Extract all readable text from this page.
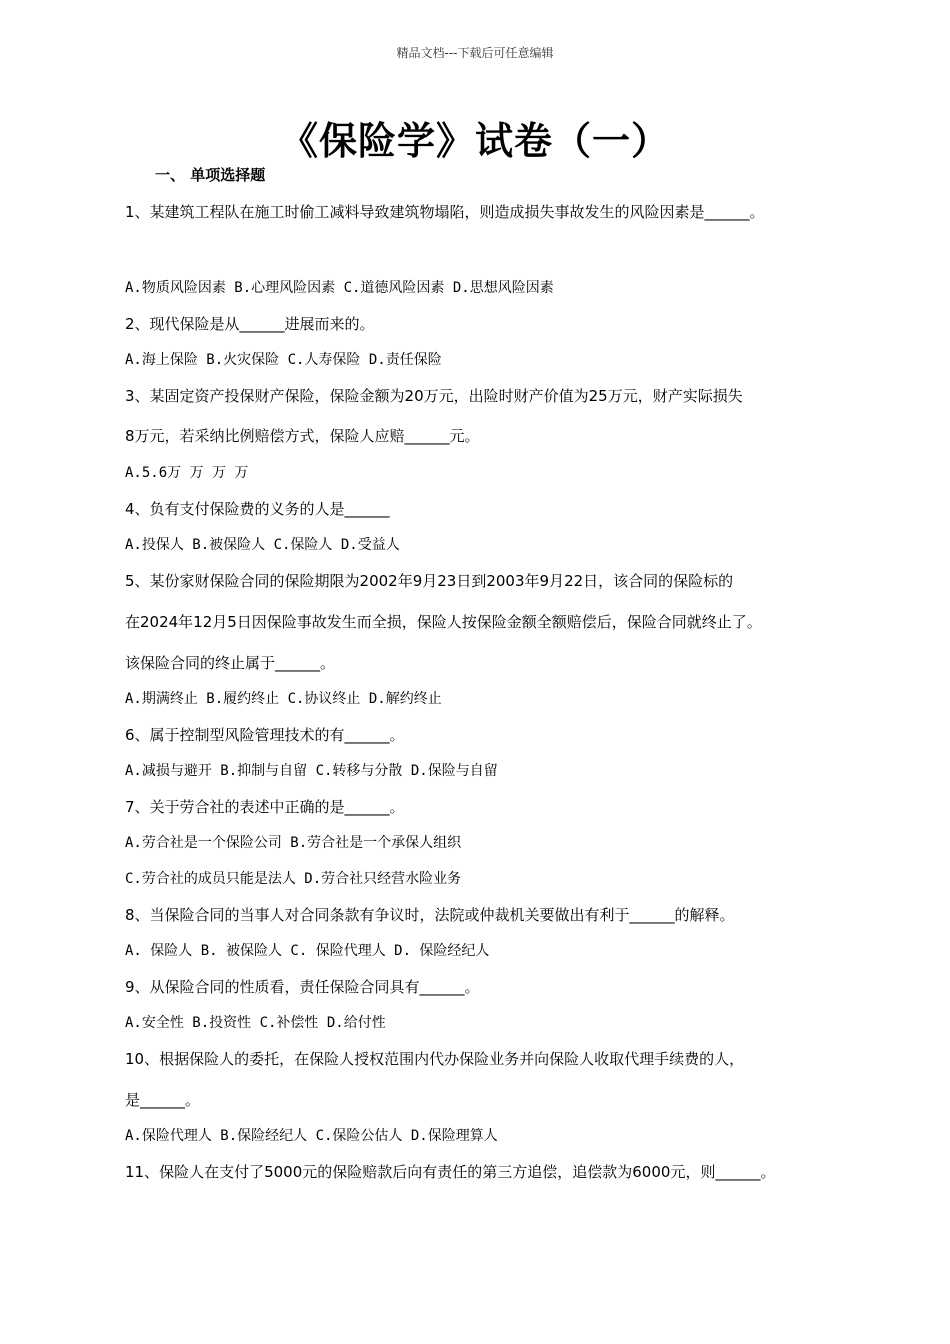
精品文档---下载后可任意编辑
《保险学》试卷（一）
一、 单项选择题
1、某建筑工程队在施工时偷工减料导致建筑物塌陷，则造成损失事故发生的风险因素是______。
A.物质风险因素 B.心理风险因素 C.道德风险因素 D.思想风险因素
2、现代保险是从______进展而来的。
A.海上保险 B.火灾保险 C.人寿保险 D.责任保险
3、某固定资产投保财产保险，保险金额为20万元，出险时财产价值为25万元，财产实际损失
8万元，若采纳比例赔偿方式，保险人应赔______元。
A.5.6万 万 万 万
4、负有支付保险费的义务的人是______
A.投保人 B.被保险人 C.保险人 D.受益人
5、某份家财保险合同的保险期限为2002年9月23日到2003年9月22日，该合同的保险标的
在2024年12月5日因保险事故发生而全损，保险人按保险金额全额赔偿后，保险合同就终止了。
该保险合同的终止属于______。
A.期满终止 B.履约终止 C.协议终止 D.解约终止
6、属于控制型风险管理技术的有______。
A.减损与避开 B.抑制与自留 C.转移与分散 D.保险与自留
7、关于劳合社的表述中正确的是______。
A.劳合社是一个保险公司 B.劳合社是一个承保人组织
C.劳合社的成员只能是法人 D.劳合社只经营水险业务
8、当保险合同的当事人对合同条款有争议时，法院或仲裁机关要做出有利于______的解释。
A. 保险人 B. 被保险人 C. 保险代理人 D. 保险经纪人
9、从保险合同的性质看，责任保险合同具有______。
A.安全性 B.投资性 C.补偿性 D.给付性
10、根据保险人的委托，在保险人授权范围内代办保险业务并向保险人收取代理手续费的人，
是______。
A.保险代理人 B.保险经纪人 C.保险公估人 D.保险理算人
11、保险人在支付了5000元的保险赔款后向有责任的第三方追偿，追偿款为6000元，则______。
